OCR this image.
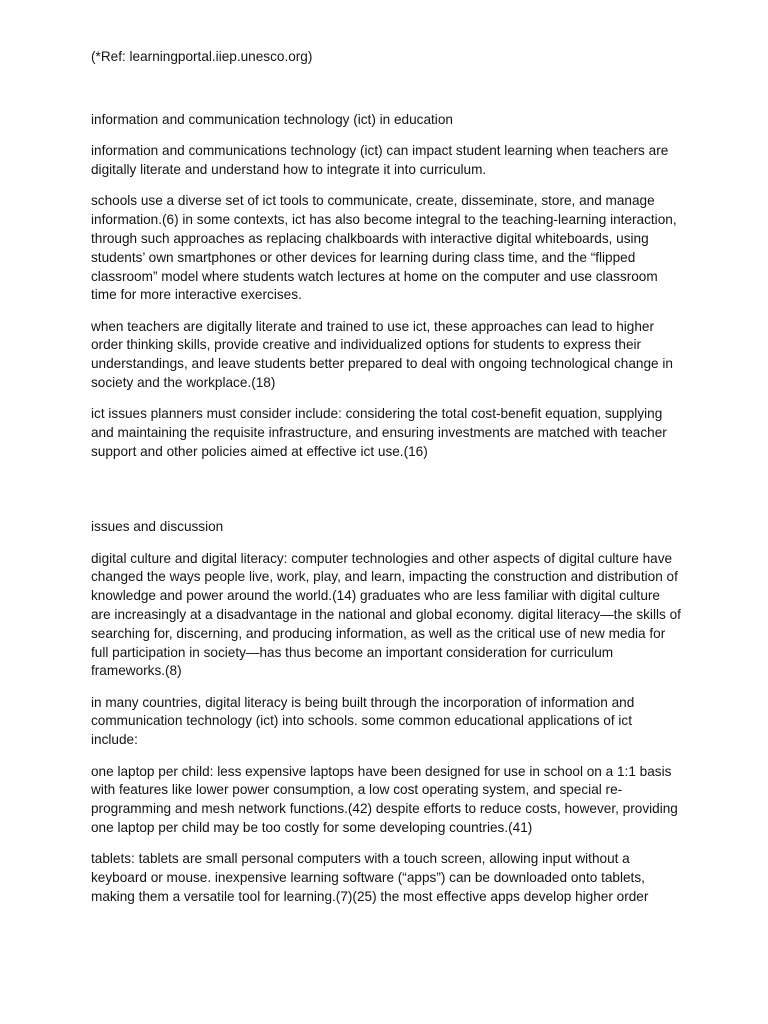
(*Ref: learningportal.iiep.unesco.org)

information and communication technology (ict) in education

information and communications technology (ict) can impact student learning when teachers are digitally literate and understand how to integrate it into curriculum.

schools use a diverse set of ict tools to communicate, create, disseminate, store, and manage information.(6) in some contexts, ict has also become integral to the teaching-learning interaction, through such approaches as replacing chalkboards with interactive digital whiteboards, using students’ own smartphones or other devices for learning during class time, and the “flipped classroom” model where students watch lectures at home on the computer and use classroom time for more interactive exercises.

when teachers are digitally literate and trained to use ict, these approaches can lead to higher order thinking skills, provide creative and individualized options for students to express their understandings, and leave students better prepared to deal with ongoing technological change in society and the workplace.(18)

ict issues planners must consider include: considering the total cost-benefit equation, supplying and maintaining the requisite infrastructure, and ensuring investments are matched with teacher support and other policies aimed at effective ict use.(16)

issues and discussion

digital culture and digital literacy: computer technologies and other aspects of digital culture have changed the ways people live, work, play, and learn, impacting the construction and distribution of knowledge and power around the world.(14) graduates who are less familiar with digital culture are increasingly at a disadvantage in the national and global economy. digital literacy—the skills of searching for, discerning, and producing information, as well as the critical use of new media for full participation in society—has thus become an important consideration for curriculum frameworks.(8)

in many countries, digital literacy is being built through the incorporation of information and communication technology (ict) into schools. some common educational applications of ict include:

one laptop per child: less expensive laptops have been designed for use in school on a 1:1 basis with features like lower power consumption, a low cost operating system, and special re-programming and mesh network functions.(42) despite efforts to reduce costs, however, providing one laptop per child may be too costly for some developing countries.(41)

tablets: tablets are small personal computers with a touch screen, allowing input without a keyboard or mouse. inexpensive learning software (“apps”) can be downloaded onto tablets, making them a versatile tool for learning.(7)(25) the most effective apps develop higher order
